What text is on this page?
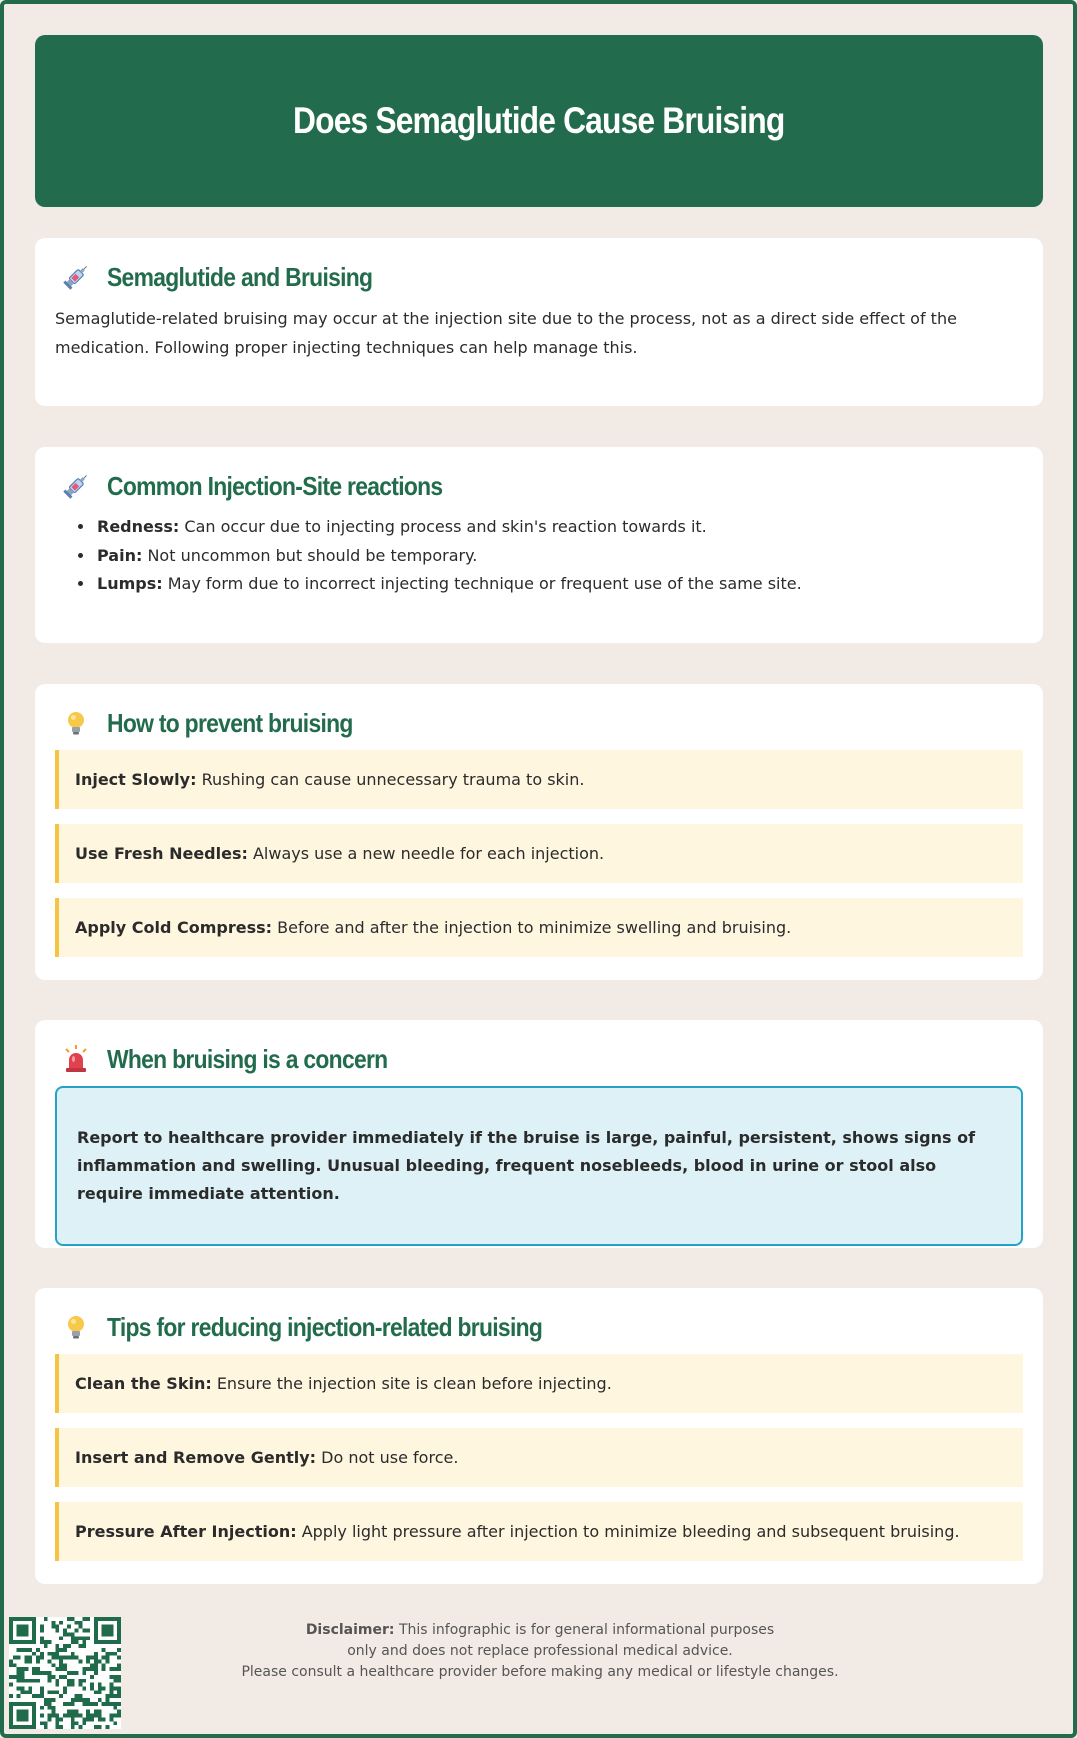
Does Semaglutide Cause Bruising
Semaglutide and Bruising

Semaglutide-related bruising may occur at the injection site due to the process, not as a direct side effect of the medication. Following proper injecting techniques can help manage this.

Common Injection-Site reactions
• Redness: Can occur due to injecting process and skin's reaction towards it.
• Pain: Not uncommon but should be temporary.
• Lumps: May form due to incorrect injecting technique or frequent use of the same site.
How to prevent bruising
Inject Slowly: Rushing can cause unnecessary trauma to skin.
Use Fresh Needles: Always use a new needle for each injection.
Apply Cold Compress: Before and after the injection to minimize swelling and bruising.
When bruising is a concern
Report to healthcare provider immediately if the bruise is large, painful, persistent, shows signs of inflammation and swelling. Unusual bleeding, frequent nosebleeds, blood in urine or stool also require immediate attention.
Tips for reducing injection-related bruising
Clean the Skin: Ensure the injection site is clean before injecting.
Insert and Remove Gently: Do not use force.
Pressure After Injection: Apply light pressure after injection to minimize bleeding and subsequent bruising.
Disclaimer: This infographic is for general informational purposes
only and does not replace professional medical advice.
Please consult a healthcare provider before making any medical or lifestyle changes.
